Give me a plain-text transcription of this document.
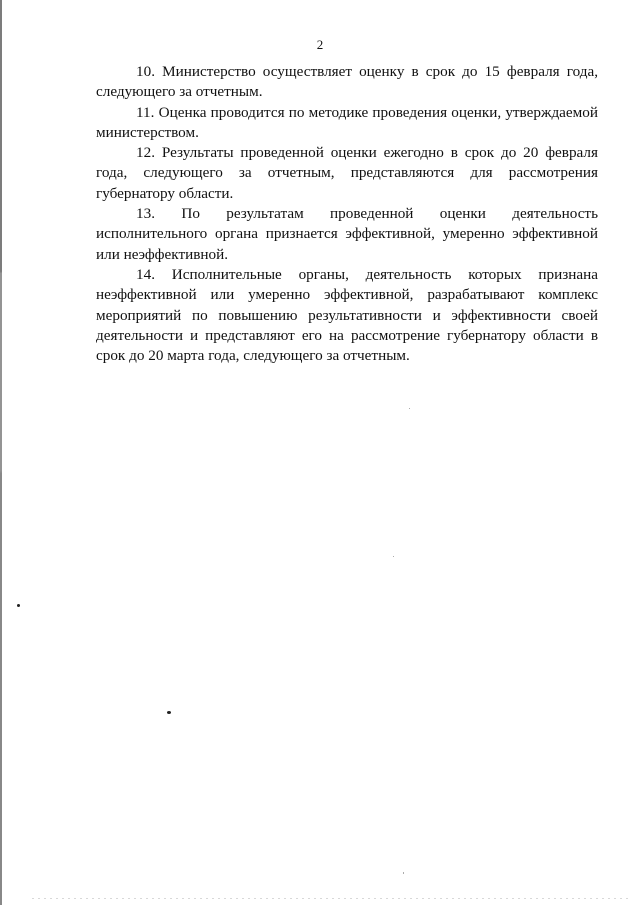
2

10. Министерство осуществляет оценку в срок до 15 февраля года, следующего за отчетным.

11. Оценка проводится по методике проведения оценки, утверждаемой министерством.

12. Результаты проведенной оценки ежегодно в срок до 20 февраля года, следующего за отчетным, представляются для рассмотрения губернатору области.

13. По результатам проведенной оценки деятельность исполнительного органа признается эффективной, умеренно эффективной или неэффективной.

14. Исполнительные органы, деятельность которых признана неэффективной или умеренно эффективной, разрабатывают комплекс мероприятий по повышению результативности и эффективности своей деятельности и представляют его на рассмотрение губернатору области в срок до 20 марта года, следующего за отчетным.
